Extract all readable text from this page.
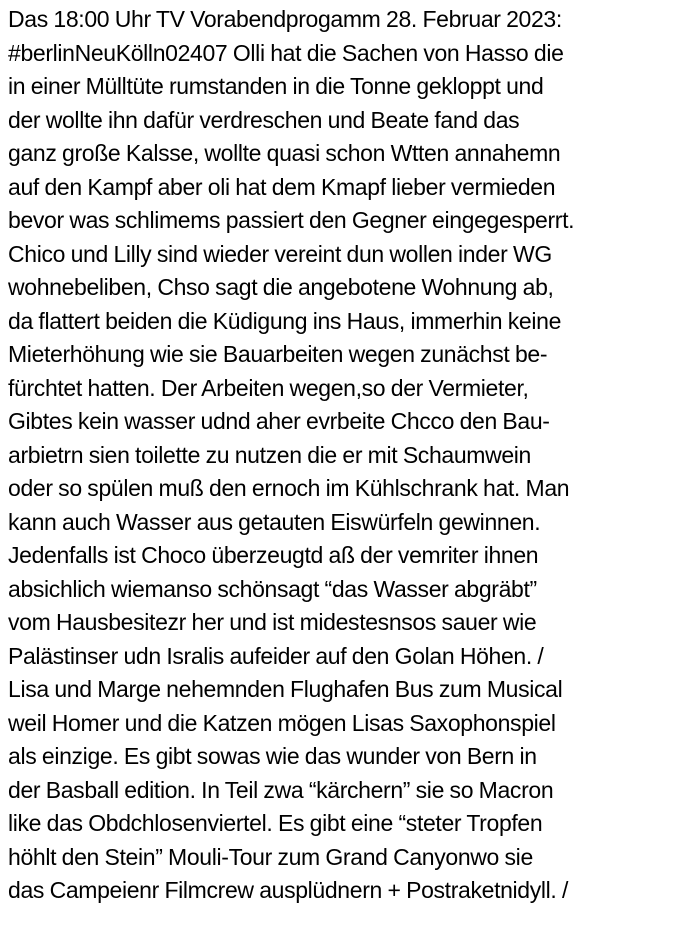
Das 18:00 Uhr TV Vorabendprogamm 28. Februar 2023:
#berlinNeuKölln02407 Olli hat die Sachen von Hasso die
in einer Mülltüte rumstanden in die Tonne gekloppt und
der wollte ihn dafür verdreschen und Beate fand das
ganz große Kalsse, wollte quasi schon Wtten annahemn
auf den Kampf aber oli hat dem Kmapf lieber vermieden
bevor was schlimems passiert den Gegner eingegesperrt.
Chico und Lilly sind wieder vereint dun wollen inder WG
wohnebeliben, Chso sagt die angebotene Wohnung ab,
da flattert beiden die Küdigung ins Haus, immerhin keine
Mieterhöhung wie sie Bauarbeiten wegen zunächst be-
fürchtet hatten. Der Arbeiten wegen,so der Vermieter,
Gibtes kein wasser udnd aher evrbeite Chcco den Bau-
arbietrn sien toilette zu nutzen die er mit Schaumwein
oder so spülen muß den ernoch im Kühlschrank hat. Man
kann auch Wasser aus getauten Eiswürfeln gewinnen.
Jedenfalls ist Choco überzeugtd aß der vemriter ihnen
absichlich wiemanso schönsagt “das Wasser abgräbt”
vom Hausbesitezr her und ist midestesnsos sauer wie
Palästinser udn Isralis aufeider auf den Golan Höhen. /
Lisa und Marge nehemnden Flughafen Bus zum Musical
weil Homer und die Katzen mögen Lisas Saxophonspiel
als einzige. Es gibt sowas wie das wunder von Bern in
der Basball edition. In Teil zwa “kärchern” sie so Macron
like das Obdchlosenviertel. Es gibt eine “steter Tropfen
höhlt den Stein” Mouli-Tour zum Grand Canyonwo sie
das Campeienr Filmcrew ausplüdnern + Postraketnidyll. /
